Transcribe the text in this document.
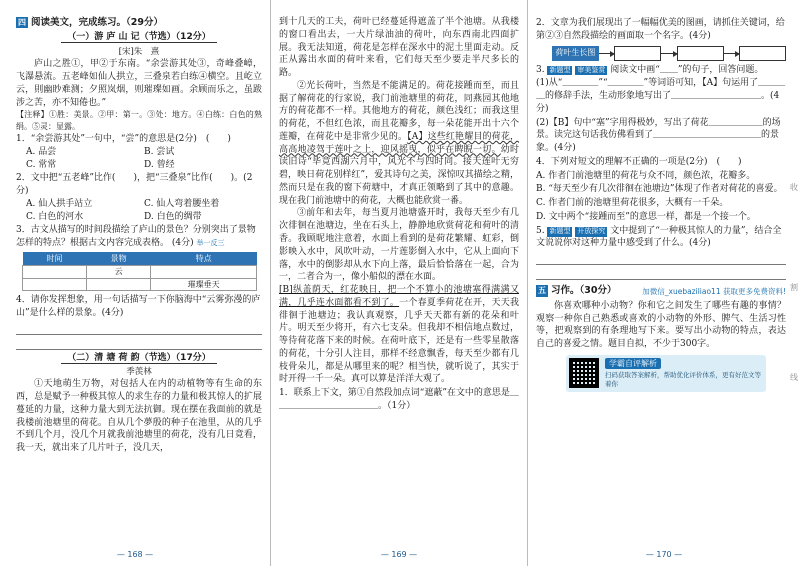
四 阅读美文，完成练习。（29分）
（一）游 庐 山 记（节选）（12分）
[宋]朱　熹

庐山之胜①，甲②于东南。“余尝游其处③，奇峰叠嶂，飞瀑悬流。五老峰如仙人拱立，三叠泉若白练④横空。且屹立云，則幽眇难测；夕照岚烟，则璀璨如画。余顾而乐之，虽跋涉之苦，亦不知倦也。”

【注释】①胜：美景。②甲：第一。③处：地方。④白练：白色的熟绢。⑤灵：显露。

1．“余尝游其处”一句中，“尝”的意思是(2分)　(　　)
A. 品尝	B. 尝试
C. 常常	D. 曾经
2．文中把“五老峰”比作(　　)，把“三叠泉”比作(　　)。(2分)
A. 仙人拱手站立	C. 仙人弯着腰坐着
C. 白色的河水	D. 白色的绸带
3．古文从描写的时间段描绘了庐山的景色？分别突出了景物怎样的特点？根据古文内容完成表格。 (4分) 举一反三
时间	景物	特点
	云	
		璀璨垂天
4．请你发挥想象，用一句话描写一下你脑海中“云雾弥漫的庐山”是什么样的景象。(4分)
（二）清 塘 荷 韵（节选）（17分）
季羡林

①天地萌生万物，对包括人在内的动植物等有生命的东西，总是赋予一种极其惊人的求生存的力量和极其惊人的扩展蔓延的力量，这种力量大到无法抗御。现在摆在我面前的就是我楼前池塘里的荷花。自从几个夢殷的种子在池里，从的几乎不到几个月，没几个月就我前池塘里的荷花，没有几日竟看，我一天，就出来了几片叶子，没几天，

— 168 —

到十几天的工夫，荷叶已经蔓延得遮盖了半个池塘。从我楼的窗口看出去，一大片绿油油的荷叶，向东西南北四面扩展。我无法知道，荷花是怎样在深水中的泥土里面走动。反正从露出水面的荷叶来看，它们每天至少要走半尺多长的路。

②光长荷叶，当然是不能满足的。荷花接踵而至，而且据了解荷花的行家说，我门前池塘里的荷花，同燕园其他地方的荷花都不一样。其他地方的荷花，颜色浅红；而我这里的荷花，不但红色浓，而且花瓣多，每一朵花能开出十六个莲瓣，在荷花中是非常少见的。【A】这些红艳耀目的荷花，高高地凌驾于莲叶之上，迎风摇曳，似乎在睥睨一切。幼时读旧诗“毕竟西湖六月中，风光不与四时同。接天莲叶无穷碧，映日荷花别样红”，爱其诗句之美，深惊叹其描绘之精，然而只是在我的窗下荷塘中，才真正领略到了其中的意趣。现在我门前池塘中的荷花，大概也能欣赏一番。

③前年和去年，每当夏月池塘盛开时，我每天至少有几次徘徊在池塘边，坐在石头上，静静地欣赏荷花和荷叶的清香。我顾昵地注意着，水面上看到的是荷花繁耀、虹彩，倒影映入水中，风吹叶动，一片莲影倒入水中，它从上面向下落，水中的倒影却从水下向上落，最后恰恰落在一起，合为一，二者合为一，像小船似的漂在水面。

[B]纵盖荫天，红花映日，把一个不算小的池塘塞得满满又满，几乎连水面都看不到了。一个春夏季荷花在开，天天我徘徊于池塘边；我认真观察，几乎天天都有新的花朵和叶片。明天至少将开，有六七支朵。但我却不相信地点数过，等待荷花落下来的时候。在荷叶底下，还是有一些零星散落的荷花，十分引人注目，那样不经意飘香，每天至少都有几枝骨朵儿，都是从哪里来的呢？相当快，就听说了，其实于时开得一千一朵。真可以算是洋洋大观了。

1．联系上下文，第①自然段加点词“遮蔽”在文中的意思是＿＿＿＿＿＿＿＿＿＿＿＿。（1分）
— 169 —
2．文章为我们展现出了一幅幅优美的图画，请抓住关键词，给第②③自然段描绘的画面取一个名字。(4分)
荷叶生长图
3. 新题型 审美鉴赏 阅读文中画“＿＿”的句子，回答问题。
(1)从“＿＿＿＿”“＿＿＿＿”等词语可知，【A】句运用了＿＿＿＿的修辞手法，生动形象地写出了＿＿＿＿＿＿＿＿＿＿。(4分)
(2)【B】句中“塞”字用得极妙，写出了荷花＿＿＿＿＿＿的场景。读完这句话我仿佛看到了＿＿＿＿＿＿＿＿＿＿＿＿的景象。(4分)
4．下列对短文的理解不正确的一项是(2分)　(　　)
A. 作者门前池塘里的荷花与众不同，颜色浓，花瓣多。
B. “每天至少有几次徘徊在池塘边”体现了作者对荷花的喜爱。
C. 作者门前的池塘里荷花很多，大概有一千朵。
D. 文中两个“接踵而至”的意思一样，都是一个接一个。
5. 新题型 开放探究 文中提到了“一种极其惊人的力量”，结合全文说说你对这种力量中感受到了什么。(4分)
五 习作。（30分）	加微信_xuebaziliao11 获取更多免费资料!

你喜欢哪种小动物？你和它之间发生了哪些有趣的事情？观察一种你自己熟悉或喜欢的小动物的外形、脾气、生活习性等，把观察到的有条理地写下来。要写出小动物的特点，表达自己的喜爱之情。题目自拟，不少于300字。

学霸自评解析
扫码获取答案解析，帮助优化评价体系，更有好范文等着你
收
割
线
— 170 —
